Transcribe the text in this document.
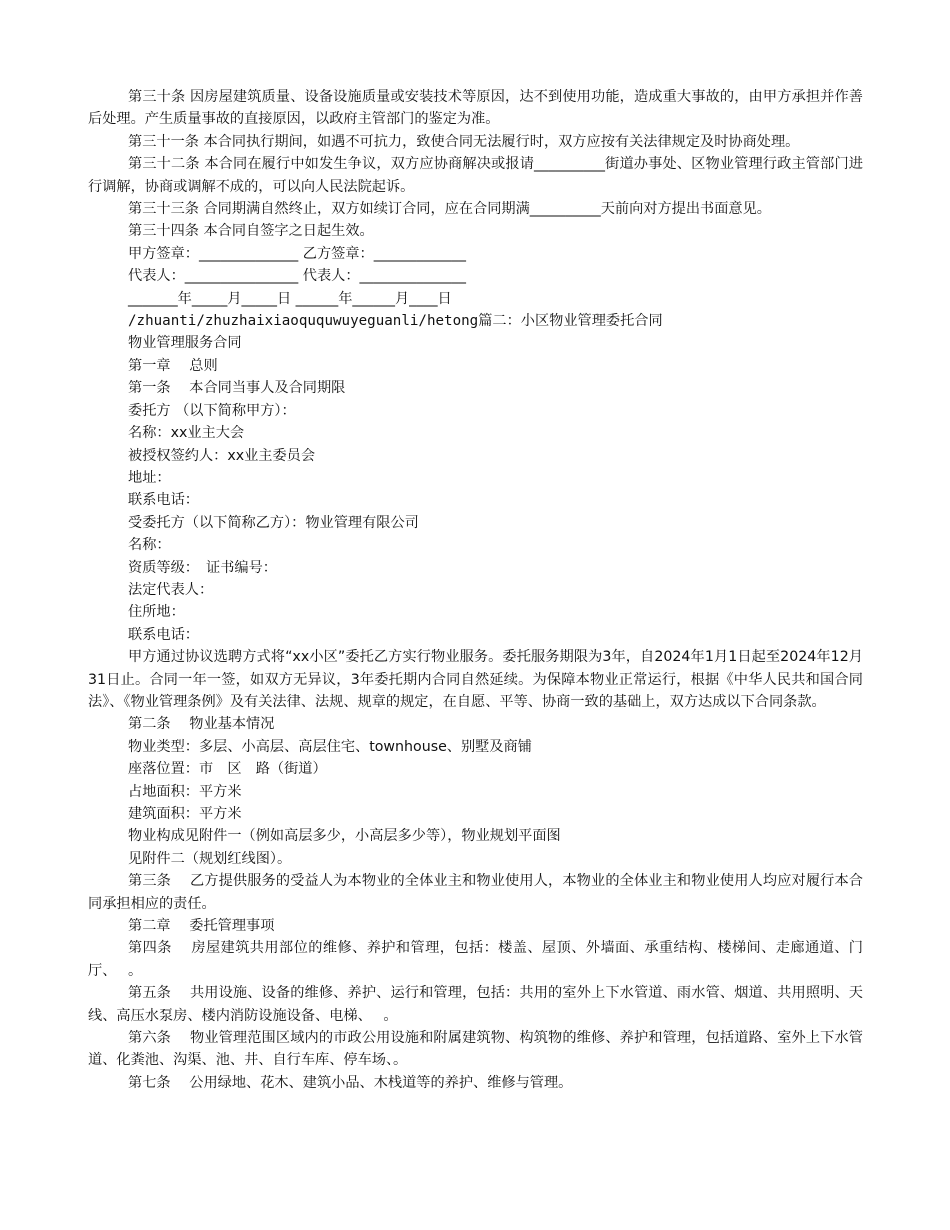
第三十条 因房屋建筑质量、设备设施质量或安装技术等原因，达不到使用功能，造成重大事故的，由甲方承担并作善后处理。产生质量事故的直接原因，以政府主管部门的鉴定为准。

第三十一条 本合同执行期间，如遇不可抗力，致使合同无法履行时，双方应按有关法律规定及时协商处理。

第三十二条 本合同在履行中如发生争议，双方应协商解决或报请__________街道办事处、区物业管理行政主管部门进行调解，协商或调解不成的，可以向人民法院起诉。

第三十三条 合同期满自然终止，双方如续订合同，应在合同期满__________天前向对方提出书面意见。

第三十四条 本合同自签字之日起生效。

甲方签章：______________ 乙方签章：_____________

代表人：________________ 代表人：_______________

_______年_____月_____日 ______年______月____日

/zhuanti/zhuzhaixiaoququwuyeguanli/hetong篇二：小区物业管理委托合同

物业管理服务合同

第一章　 总则

第一条　 本合同当事人及合同期限

委托方 （以下简称甲方）：

名称：xx业主大会

被授权签约人：xx业主委员会

地址：

联系电话：

受委托方（以下简称乙方）：物业管理有限公司

名称：

资质等级：　证书编号：

法定代表人：

住所地：

联系电话：

甲方通过协议选聘方式将“xx小区”委托乙方实行物业服务。委托服务期限为3年，自2024年1月1日起至2024年12月31日止。合同一年一签，如双方无异议，3年委托期内合同自然延续。为保障本物业正常运行，根据《中华人民共和国合同法》、《物业管理条例》及有关法律、法规、规章的规定，在自愿、平等、协商一致的基础上，双方达成以下合同条款。

第二条　 物业基本情况

物业类型：多层、小高层、高层住宅、townhouse、别墅及商铺

座落位置：市　区　路（街道）

占地面积：平方米

建筑面积：平方米

物业构成见附件一（例如高层多少，小高层多少等），物业规划平面图

见附件二（规划红线图）。

第三条　 乙方提供服务的受益人为本物业的全体业主和物业使用人，本物业的全体业主和物业使用人均应对履行本合同承担相应的责任。

第二章　 委托管理事项

第四条　 房屋建筑共用部位的维修、养护和管理，包括：楼盖、屋顶、外墙面、承重结构、楼梯间、走廊通道、门厅、　 。

第五条　 共用设施、设备的维修、养护、运行和管理，包括：共用的室外上下水管道、雨水管、烟道、共用照明、天线、高压水泵房、楼内消防设施设备、电梯、　 。

第六条　 物业管理范围区域内的市政公用设施和附属建筑物、构筑物的维修、养护和管理，包括道路、室外上下水管道、化粪池、沟渠、池、井、自行车库、停车场、。

第七条　 公用绿地、花木、建筑小品、木栈道等的养护、维修与管理。
